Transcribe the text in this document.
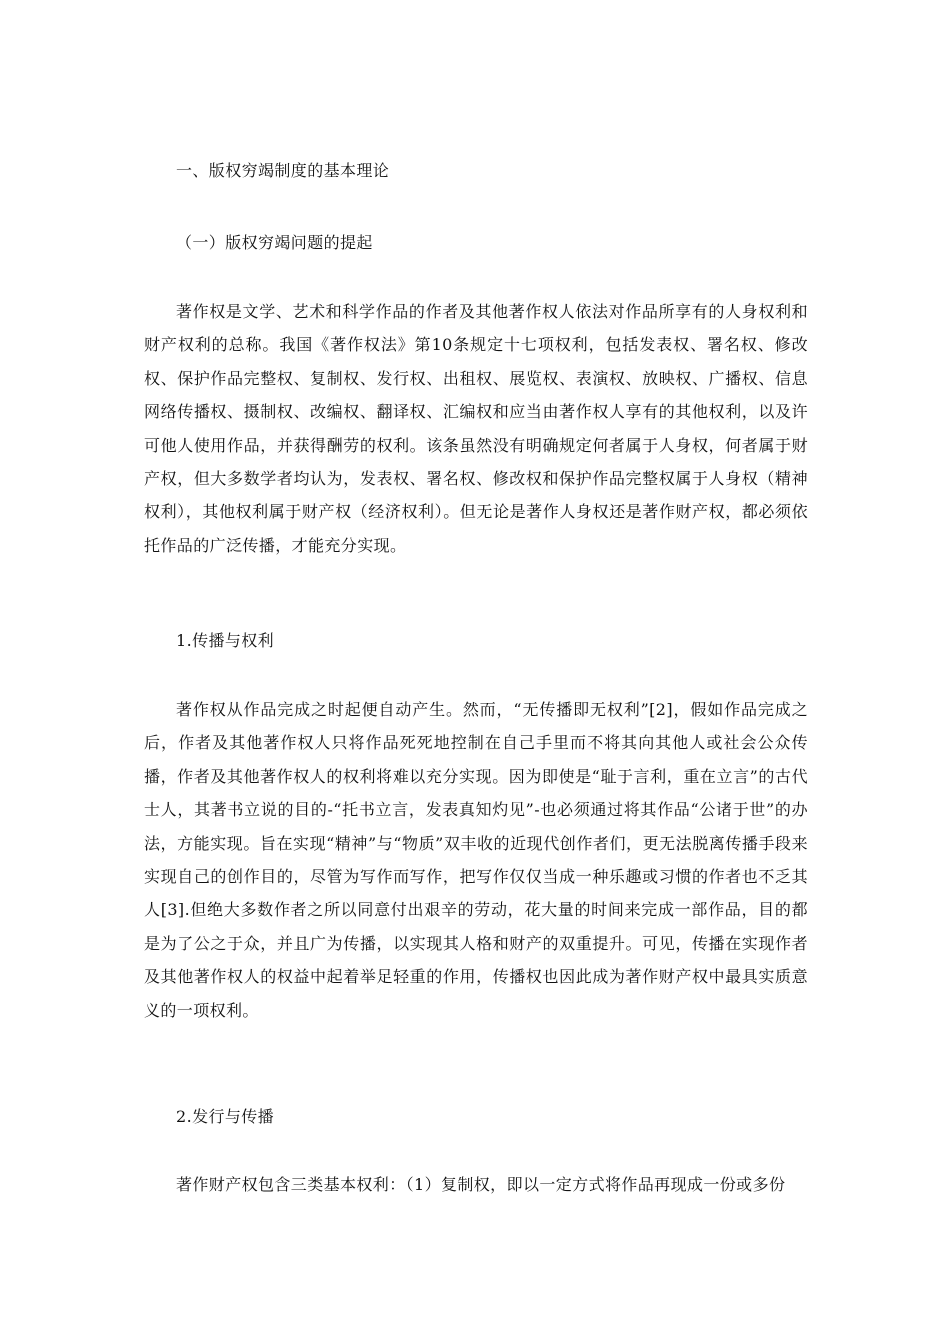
一、版权穷竭制度的基本理论
（一）版权穷竭问题的提起

著作权是文学、艺术和科学作品的作者及其他著作权人依法对作品所享有的人身权利和财产权利的总称。我国《著作权法》第10条规定十七项权利，包括发表权、署名权、修改权、保护作品完整权、复制权、发行权、出租权、展览权、表演权、放映权、广播权、信息网络传播权、摄制权、改编权、翻译权、汇编权和应当由著作权人享有的其他权利，以及许可他人使用作品，并获得酬劳的权利。该条虽然没有明确规定何者属于人身权，何者属于财产权，但大多数学者均认为，发表权、署名权、修改权和保护作品完整权属于人身权（精神权利），其他权利属于财产权（经济权利）。但无论是著作人身权还是著作财产权，都必须依托作品的广泛传播，才能充分实现。

1.传播与权利

著作权从作品完成之时起便自动产生。然而，“无传播即无权利”[2]，假如作品完成之后，作者及其他著作权人只将作品死死地控制在自己手里而不将其向其他人或社会公众传播，作者及其他著作权人的权利将难以充分实现。因为即使是“耻于言利，重在立言”的古代士人，其著书立说的目的-“托书立言，发表真知灼见”-也必须通过将其作品“公诸于世”的办法，方能实现。旨在实现“精神”与“物质”双丰收的近现代创作者们，更无法脱离传播手段来实现自己的创作目的，尽管为写作而写作，把写作仅仅当成一种乐趣或习惯的作者也不乏其人[3].但绝大多数作者之所以同意付出艰辛的劳动，花大量的时间来完成一部作品，目的都是为了公之于众，并且广为传播，以实现其人格和财产的双重提升。可见，传播在实现作者及其他著作权人的权益中起着举足轻重的作用，传播权也因此成为著作财产权中最具实质意义的一项权利。

2.发行与传播

著作财产权包含三类基本权利：（1）复制权，即以一定方式将作品再现成一份或多份
